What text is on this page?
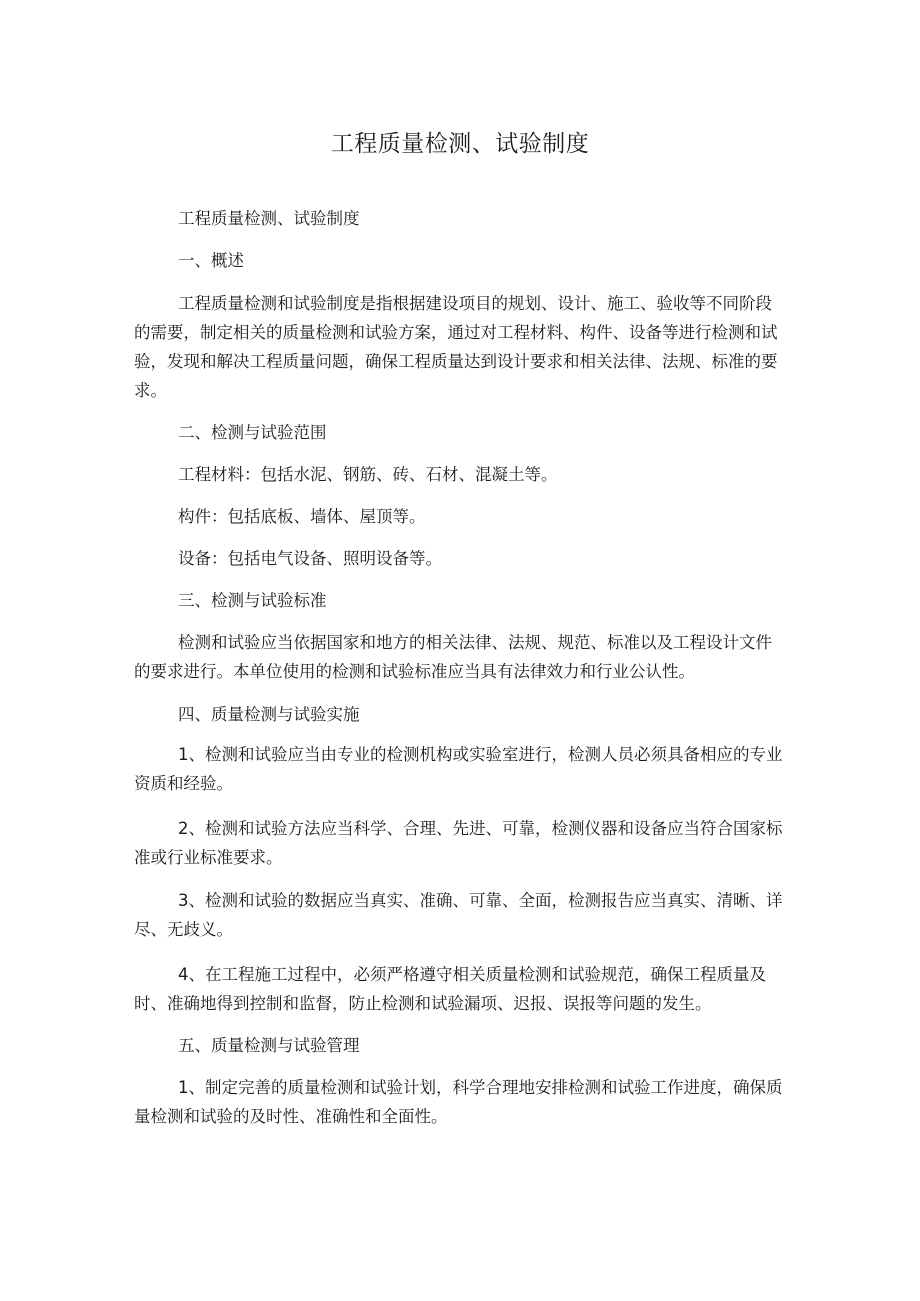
工程质量检测、试验制度

工程质量检测、试验制度

一、概述

工程质量检测和试验制度是指根据建设项目的规划、设计、施工、验收等不同阶段的需要，制定相关的质量检测和试验方案，通过对工程材料、构件、设备等进行检测和试验，发现和解决工程质量问题，确保工程质量达到设计要求和相关法律、法规、标准的要求。

二、检测与试验范围

工程材料：包括水泥、钢筋、砖、石材、混凝土等。

构件：包括底板、墙体、屋顶等。

设备：包括电气设备、照明设备等。

三、检测与试验标准

检测和试验应当依据国家和地方的相关法律、法规、规范、标准以及工程设计文件的要求进行。本单位使用的检测和试验标准应当具有法律效力和行业公认性。

四、质量检测与试验实施

1、检测和试验应当由专业的检测机构或实验室进行，检测人员必须具备相应的专业资质和经验。

2、检测和试验方法应当科学、合理、先进、可靠，检测仪器和设备应当符合国家标准或行业标准要求。

3、检测和试验的数据应当真实、准确、可靠、全面，检测报告应当真实、清晰、详尽、无歧义。

4、在工程施工过程中，必须严格遵守相关质量检测和试验规范，确保工程质量及时、准确地得到控制和监督，防止检测和试验漏项、迟报、误报等问题的发生。

五、质量检测与试验管理

1、制定完善的质量检测和试验计划，科学合理地安排检测和试验工作进度，确保质量检测和试验的及时性、准确性和全面性。
